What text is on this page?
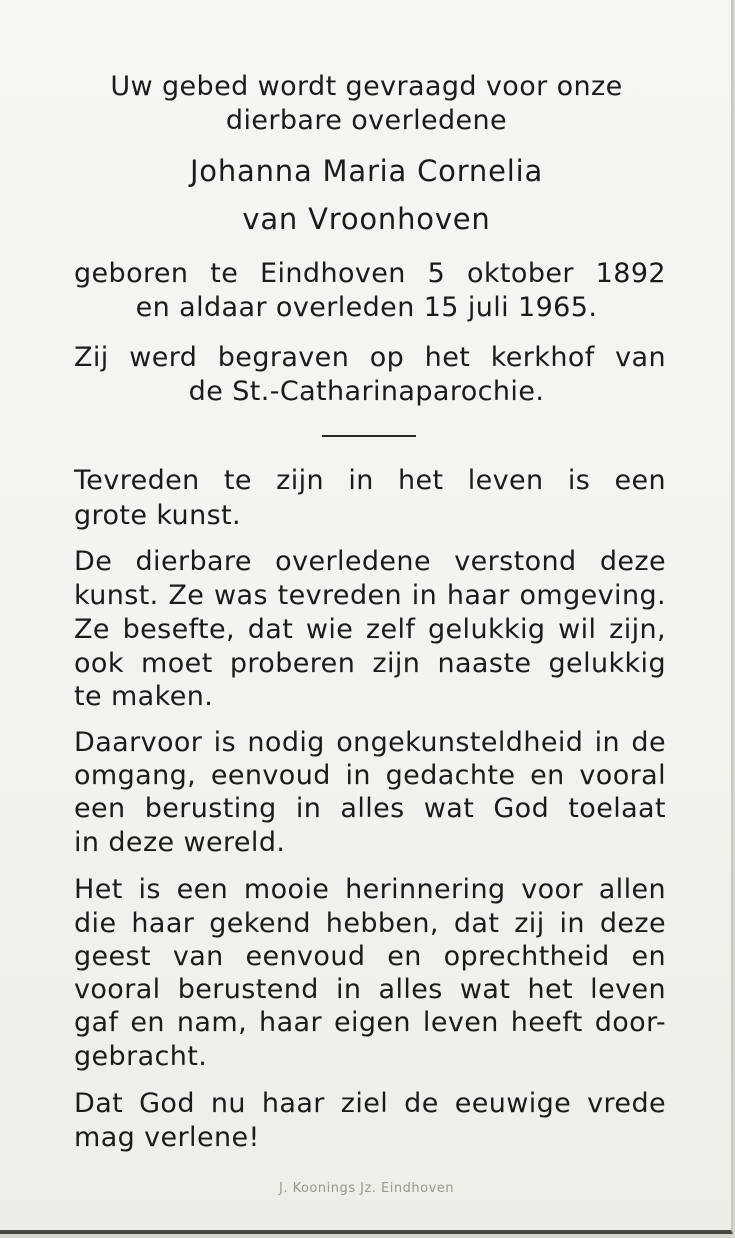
Uw gebed wordt gevraagd voor onze
dierbare overledene
Johanna Maria Cornelia
van Vroonhoven
geboren te Eindhoven 5 oktober 1892
en aldaar overleden 15 juli 1965.
Zij werd begraven op het kerkhof van
de St.-Catharinaparochie.
Tevreden te zijn in het leven is een
grote kunst.
De dierbare overledene verstond deze
kunst. Ze was tevreden in haar omgeving.
Ze besefte, dat wie zelf gelukkig wil zijn,
ook moet proberen zijn naaste gelukkig
te maken.
Daarvoor is nodig ongekunsteldheid in de
omgang, eenvoud in gedachte en vooral
een berusting in alles wat God toelaat
in deze wereld.
Het is een mooie herinnering voor allen
die haar gekend hebben, dat zij in deze
geest van eenvoud en oprechtheid en
vooral berustend in alles wat het leven
gaf en nam, haar eigen leven heeft door-
gebracht.
Dat God nu haar ziel de eeuwige vrede
mag verlene!
J. Koonings Jz. Eindhoven
